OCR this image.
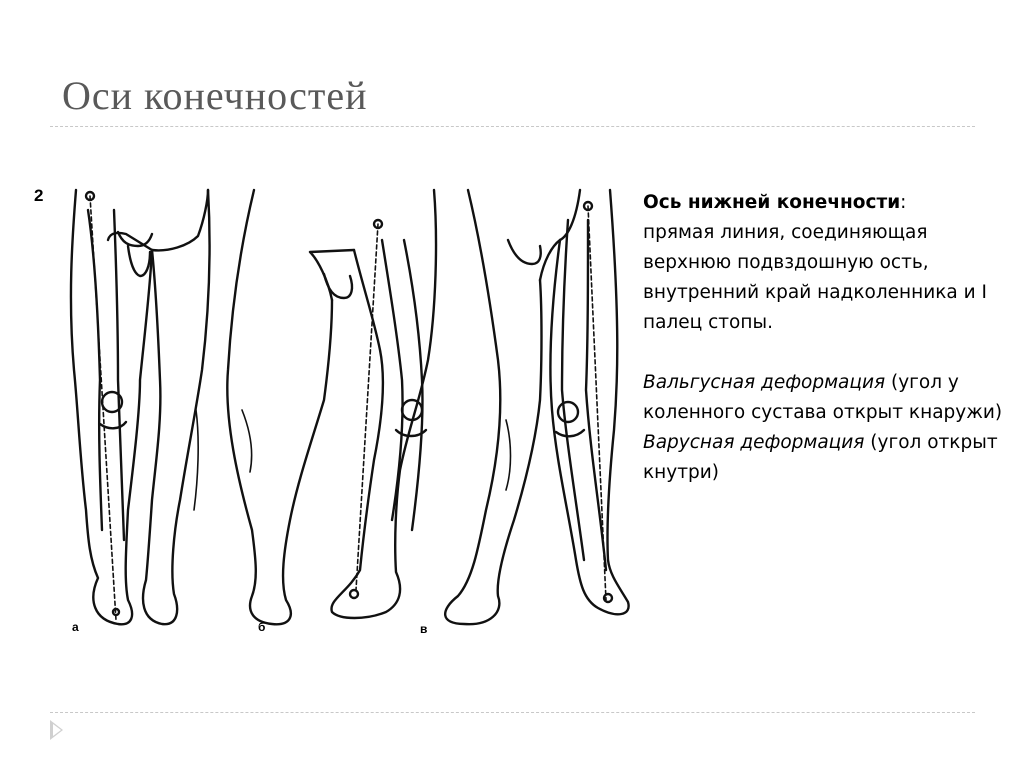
Оси конечностей
2
а	б	в

Ось нижней конечности:
прямая линия, соединяющая верхнюю подвздошную ость, внутренний край надколенника и I палец стопы.

Вальгусная деформация (угол у коленного сустава открыт кнаружи)

Варусная деформация (угол открыт кнутри)
